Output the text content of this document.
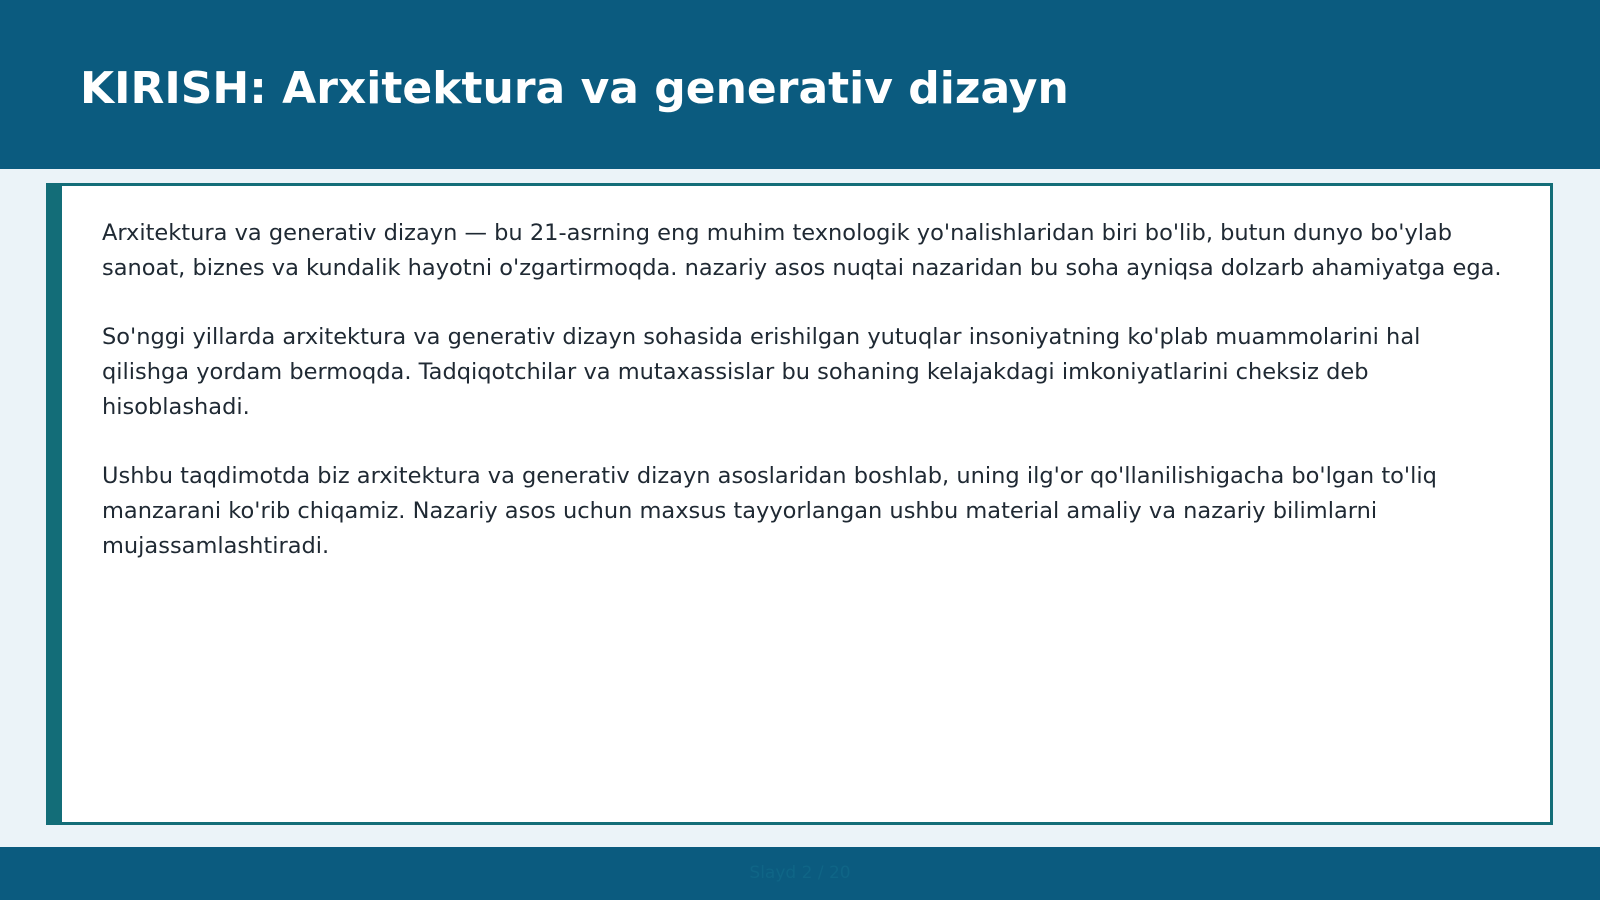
KIRISH: Arxitektura va generativ dizayn

Arxitektura va generativ dizayn — bu 21-asrning eng muhim texnologik yo'nalishlaridan biri bo'lib, butun dunyo bo'ylab sanoat, biznes va kundalik hayotni o'zgartirmoqda. nazariy asos nuqtai nazaridan bu soha ayniqsa dolzarb ahamiyatga ega.

So'nggi yillarda arxitektura va generativ dizayn sohasida erishilgan yutuqlar insoniyatning ko'plab muammolarini hal qilishga yordam bermoqda. Tadqiqotchilar va mutaxassislar bu sohaning kelajakdagi imkoniyatlarini cheksiz deb hisoblashadi.

Ushbu taqdimotda biz arxitektura va generativ dizayn asoslaridan boshlab, uning ilg'or qo'llanilishigacha bo'lgan to'liq manzarani ko'rib chiqamiz. Nazariy asos uchun maxsus tayyorlangan ushbu material amaliy va nazariy bilimlarni mujassamlashtiradi.

Slayd 2 / 20
